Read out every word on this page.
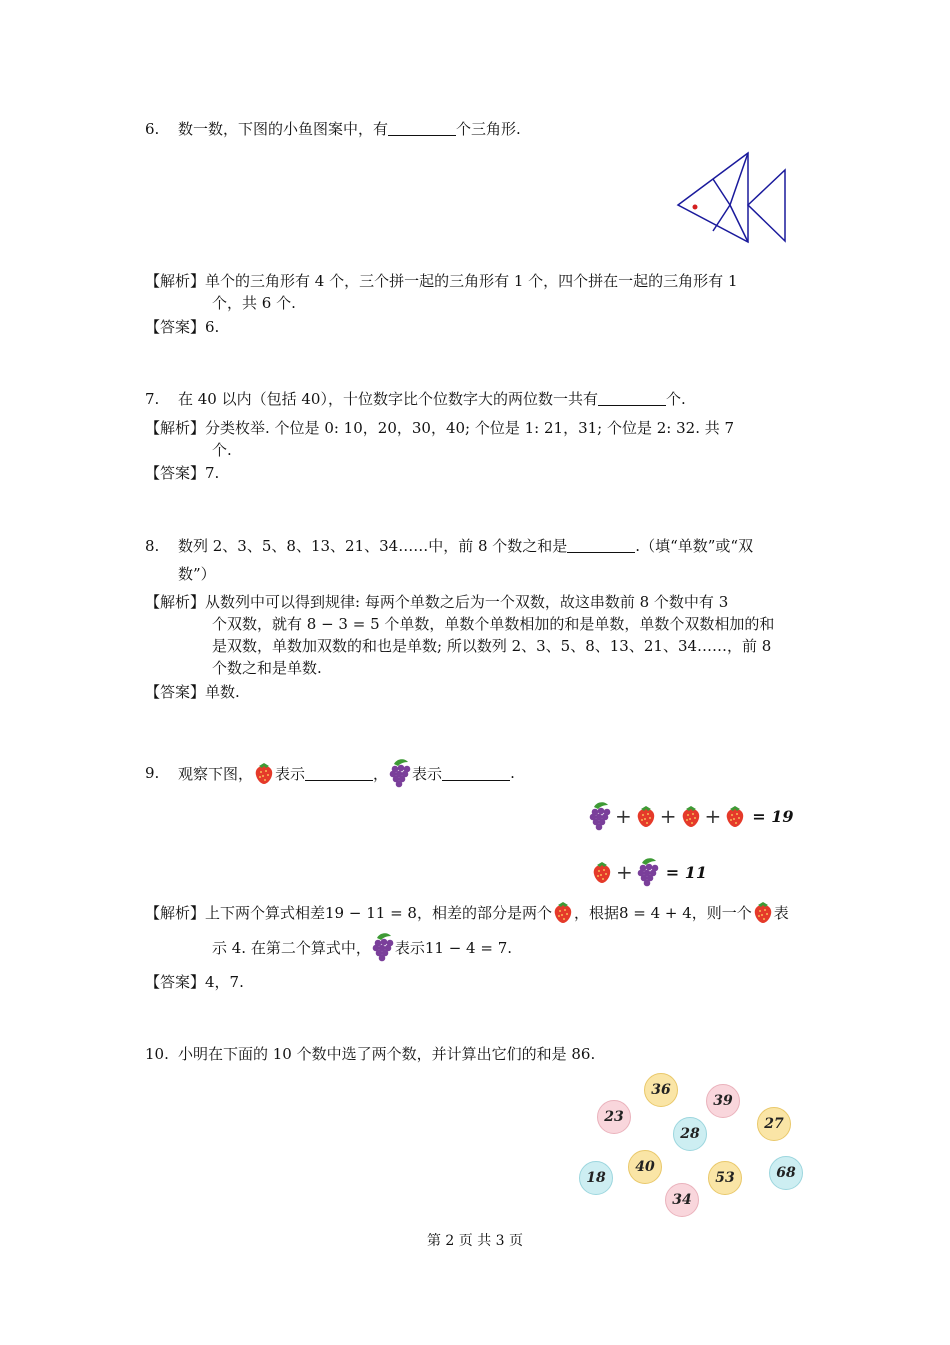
6. 数一数，下图的小鱼图案中，有	个三角形.
【解析】单个的三角形有 4 个，三个拼一起的三角形有 1 个，四个拼在一起的三角形有 1
个，共 6 个.
【答案】6.
7. 在 40 以内（包括 40），十位数字比个位数字大的两位数一共有	个.
【解析】分类枚举. 个位是 0: 10，20，30，40; 个位是 1: 21，31; 个位是 2: 32. 共 7
个.
【答案】7.
8. 数列 2、3、5、8、13、21、34……中，前 8 个数之和是	.（填“单数”或“双
数”）
【解析】从数列中可以得到规律: 每两个单数之后为一个双数，故这串数前 8 个数中有 3
个双数，就有 8 − 3 = 5 个单数，单数个单数相加的和是单数，单数个双数相加的和
是双数，单数加双数的和也是单数; 所以数列 2、3、5、8、13、21、34……，前 8
个数之和是单数.
【答案】单数.
9.	观察下图， 表示	， 表示	.
+ + + = 19
+ = 11
【解析】 上下两个算式相差19 − 11 = 8，相差的部分是两个 ，根据8 = 4 + 4，则一个 表
示 4. 在第二个算式中， 表示11 − 4 = 7.
【答案】4，7.
10. 小明在下面的 10 个数中选了两个数，并计算出它们的和是 86.
36
39
23
28
27
40
18	53	68
34
第 2 页 共 3 页
